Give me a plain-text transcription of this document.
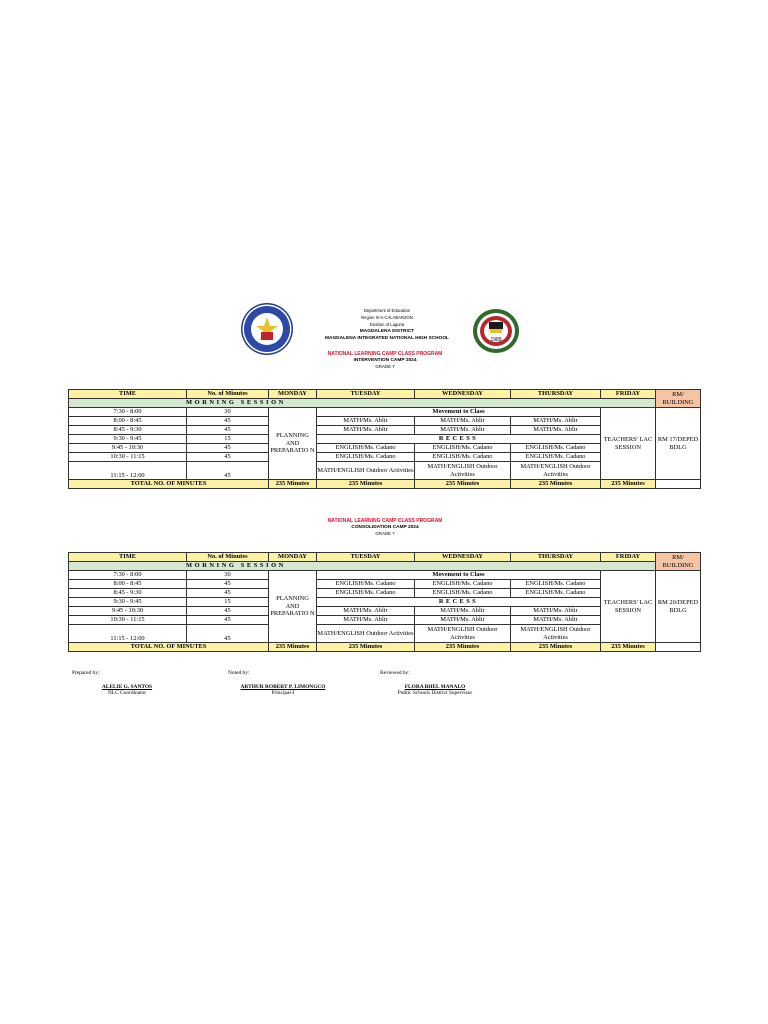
Department of Education
Region IV-A CALABARZON
Division of Laguna
MAGDALENA DISTRICT
MAGDALENA INTEGRATED NATIONAL HIGH SCHOOL	1989
NATIONAL LEARNING CAMP CLASS PROGRAM
INTERVENTION CAMP 2024
GRADE 7
TIME	No. of Minutes	MONDAY	TUESDAY	WEDNESDAY	THURSDAY	FRIDAY	RM/ BUILDING
MORNING SESSION							
7:30 - 8:00	30	PLANNING AND PREPARATIO N	Movement to Class			TEACHERS' LAC SESSION	RM 17/DEPED BDLG
8:00 - 8:45	45		MATH/Ms. Ablir	MATH/Ms. Ablir	MATH/Ms. Ablir		
8:45 - 9:30	45		MATH/Ms. Ablir	MATH/Ms. Ablir	MATH/Ms. Ablir		
9:30 - 9:45	15		RECESS				
9:45 - 10:30	45		ENGLISH/Ms. Cadano	ENGLISH/Ms. Cadano	ENGLISH/Ms. Cadano		
10:30 - 11:15	45		ENGLISH/Ms. Cadano	ENGLISH/Ms. Cadano	ENGLISH/Ms. Cadano		
11:15 - 12:00	45		MATH/ENGLISH Outdoor Activities	MATH/ENGLISH Outdoor Activities	MATH/ENGLISH Outdoor Activities		
TOTAL NO. OF MINUTES		235 Minutes	235 Minutes	235 Minutes	235 Minutes	235 Minutes	
NATIONAL LEARNING CAMP CLASS PROGRAM
CONSOLIDATION CAMP 2024
GRADE 7
TIME	No. of Minutes	MONDAY	TUESDAY	WEDNESDAY	THURSDAY	FRIDAY	RM/ BUILDING
MORNING SESSION							
7:30 - 8:00	30	PLANNING AND PREPARATIO N	Movement to Class			TEACHERS' LAC SESSION	RM 20/DEPED BDLG
8:00 - 8:45	45		ENGLISH/Ms. Cadano	ENGLISH/Ms. Cadano	ENGLISH/Ms. Cadano		
8:45 - 9:30	45		ENGLISH/Ms. Cadano	ENGLISH/Ms. Cadano	ENGLISH/Ms. Cadano		
9:30 - 9:45	15		RECESS				
9:45 - 10:30	45		MATH/Ms. Ablir	MATH/Ms. Ablir	MATH/Ms. Ablir		
10:30 - 11:15	45		MATH/Ms. Ablir	MATH/Ms. Ablir	MATH/Ms. Ablir		
11:15 - 12:00	45		MATH/ENGLISH Outdoor Activities	MATH/ENGLISH Outdoor Activities	MATH/ENGLISH Outdoor Activities		
TOTAL NO. OF MINUTES		235 Minutes	235 Minutes	235 Minutes	235 Minutes	235 Minutes	
Prepared by:
ALELIE G. SANTOS
NLC Coordinator
Noted by:
ARTHUR ROBERT P. LIMONGCO
Principal-I
Reviewed by:
FLORA BHEL MANALO
Public Schools District Supervisor
